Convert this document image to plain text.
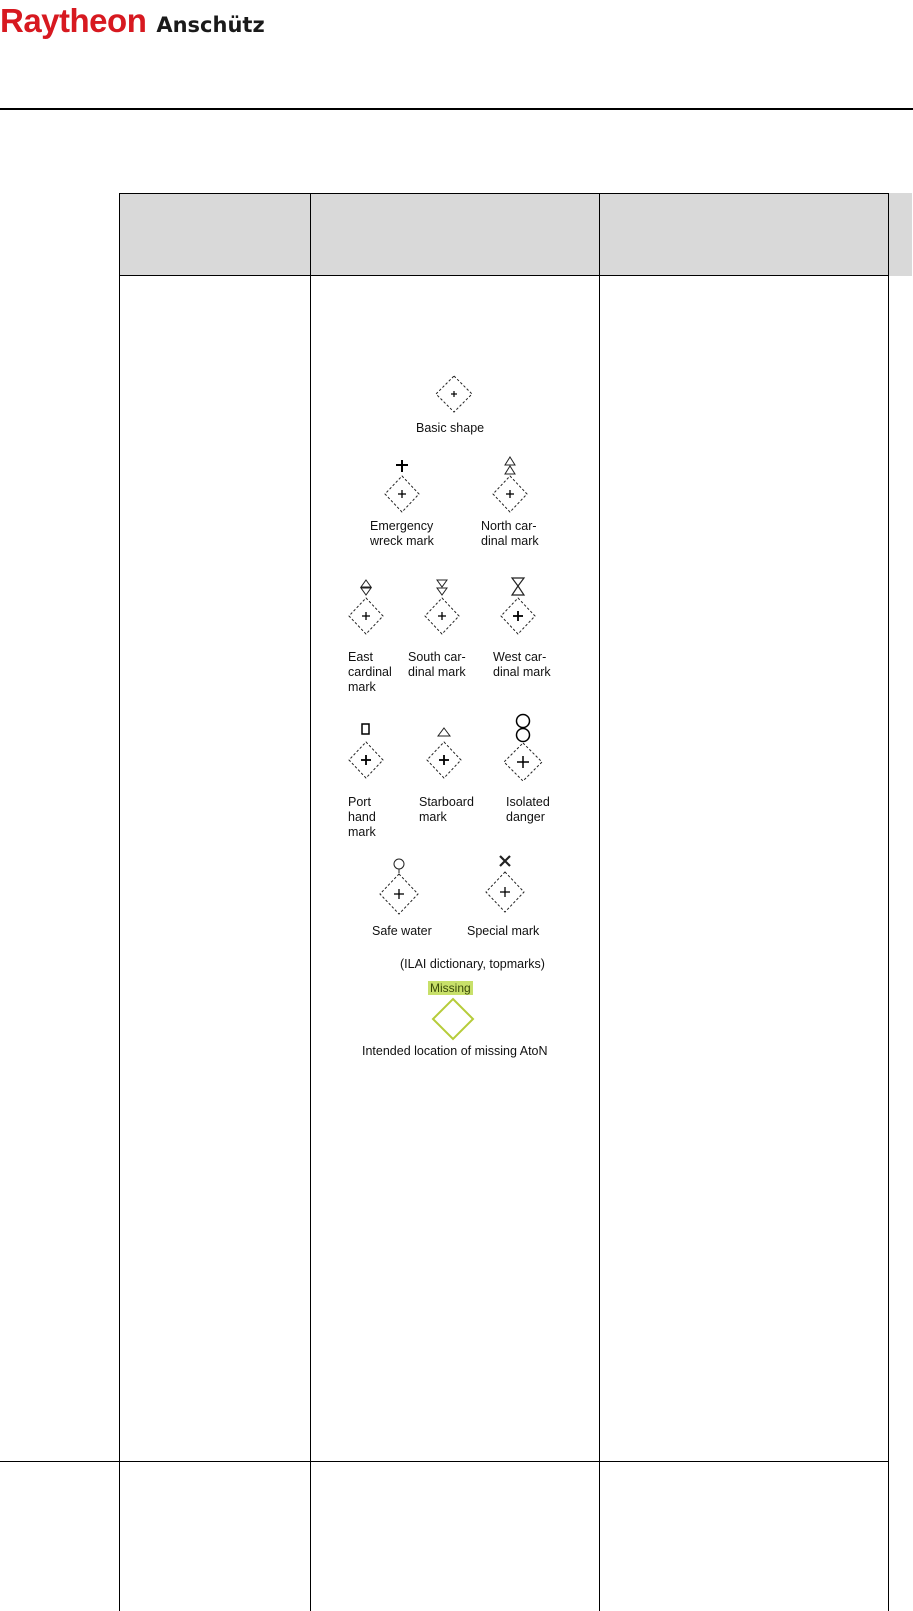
Raytheon Anschütz
Basic shape
Emergency
wreck mark
North car-
dinal mark
East
cardinal
mark
South car-
dinal mark
West car-
dinal mark
Port
hand
mark
Starboard
mark
Isolated
danger
Safe water	Special mark
(ILAI dictionary, topmarks)
Missing
Intended location of missing AtoN
